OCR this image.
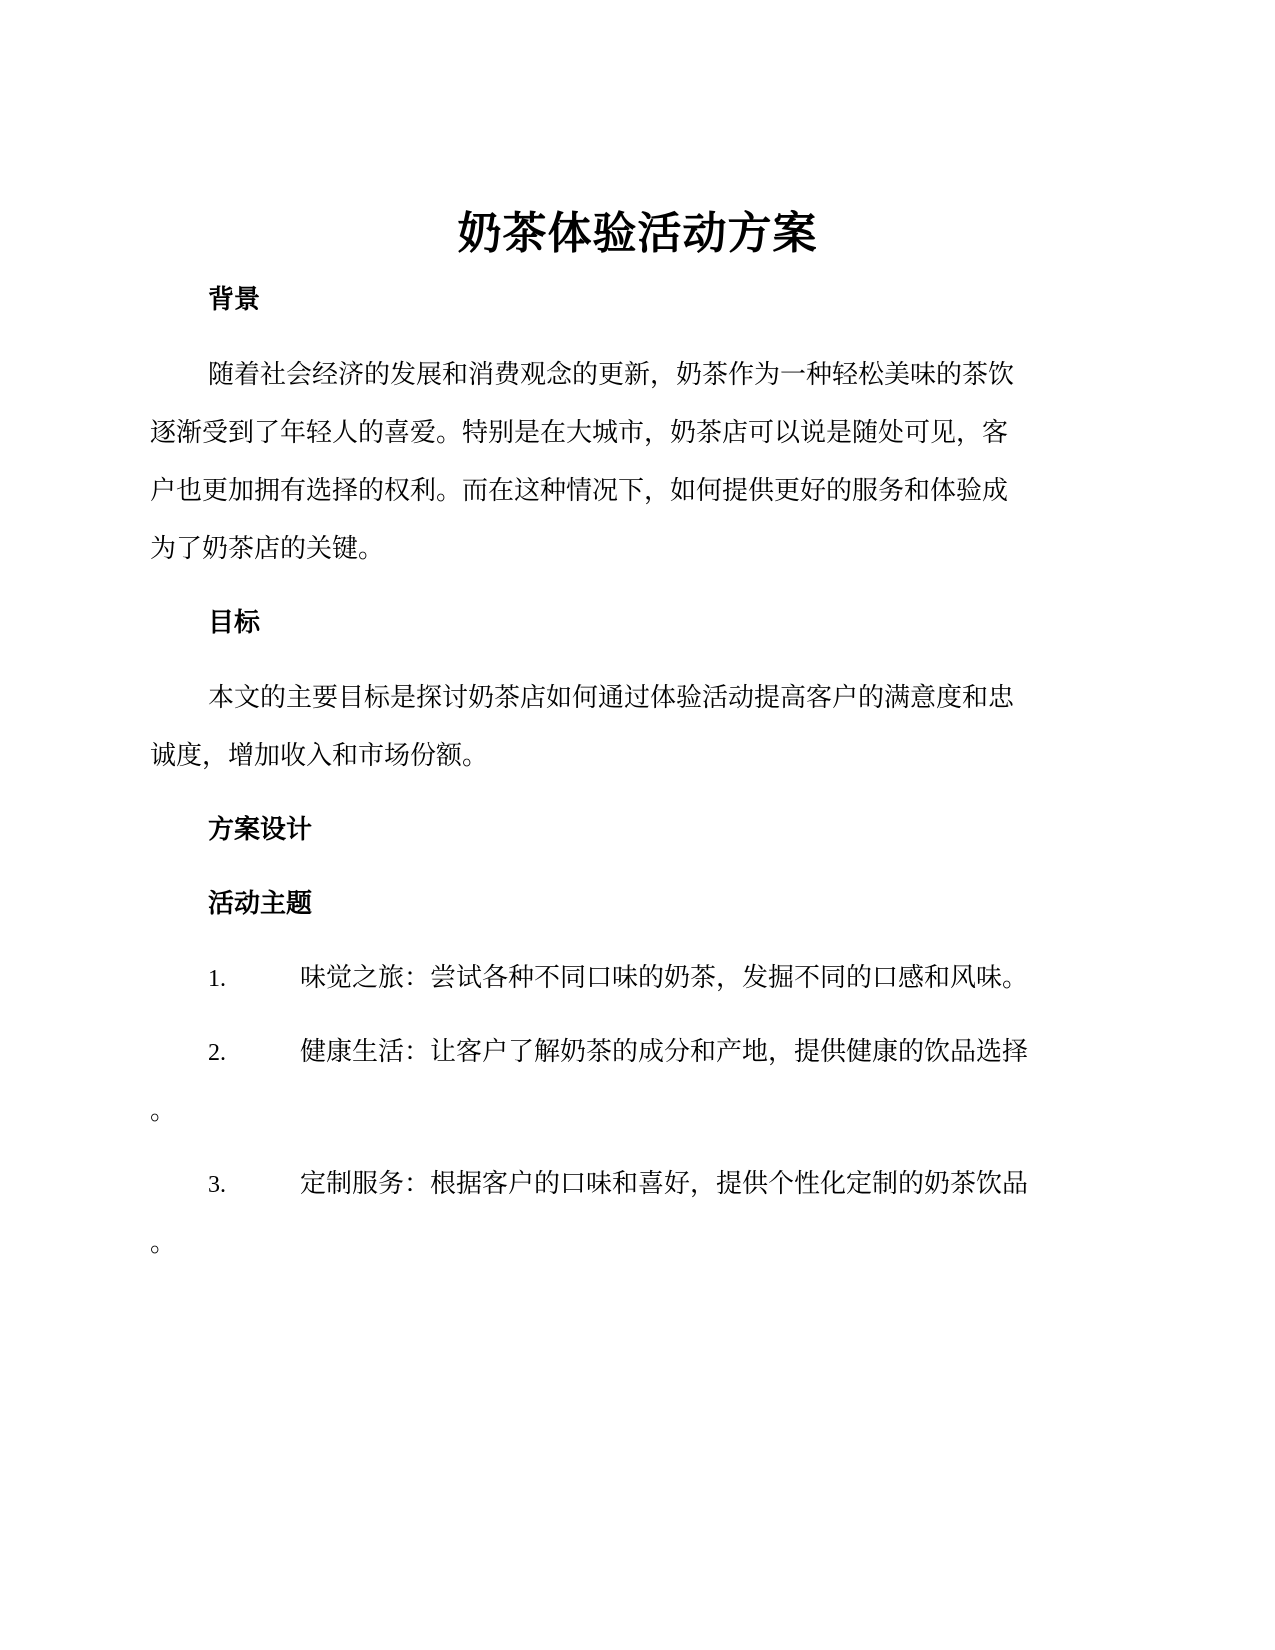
奶茶体验活动方案
背景
随着社会经济的发展和消费观念的更新，奶茶作为一种轻松美味的茶饮
逐渐受到了年轻人的喜爱。特别是在大城市，奶茶店可以说是随处可见，客
户也更加拥有选择的权利。而在这种情况下，如何提供更好的服务和体验成
为了奶茶店的关键。
目标
本文的主要目标是探讨奶茶店如何通过体验活动提高客户的满意度和忠
诚度，增加收入和市场份额。
方案设计
活动主题
1.	味觉之旅：尝试各种不同口味的奶茶，发掘不同的口感和风味。
2.	健康生活：让客户了解奶茶的成分和产地，提供健康的饮品选择
。
3.	定制服务：根据客户的口味和喜好，提供个性化定制的奶茶饮品
。
